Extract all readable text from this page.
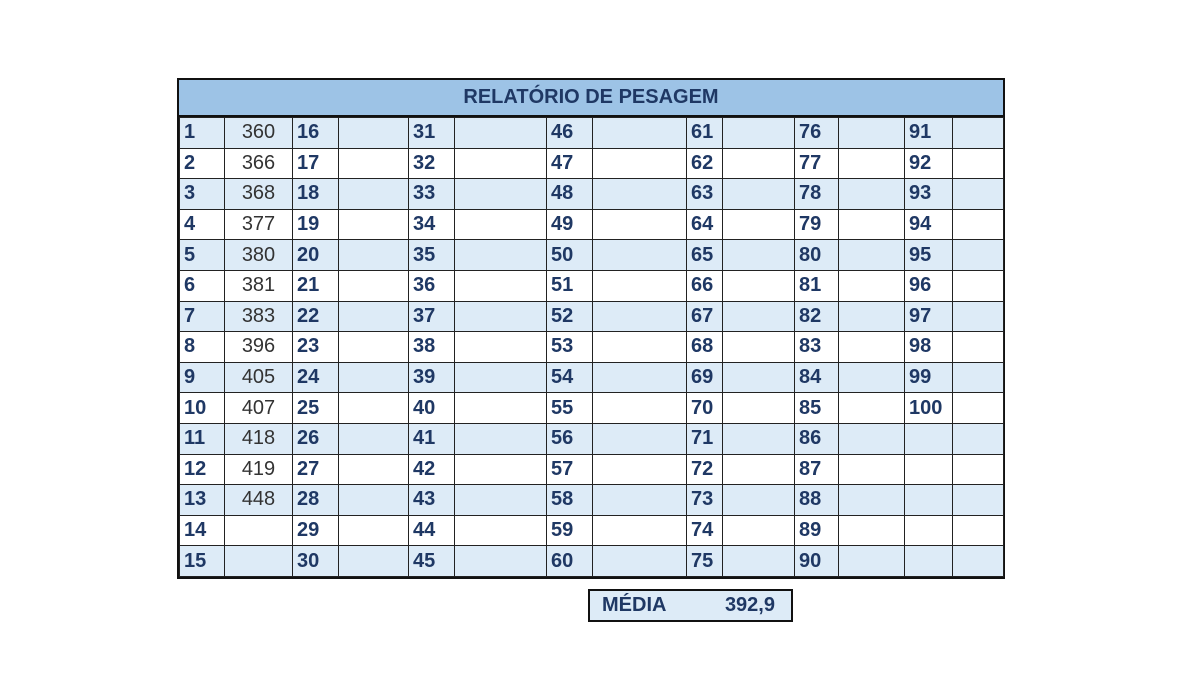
RELATÓRIO DE PESAGEM
1	360	16		31		46		61		76		91	
2	366	17		32		47		62		77		92	
3	368	18		33		48		63		78		93	
4	377	19		34		49		64		79		94	
5	380	20		35		50		65		80		95	
6	381	21		36		51		66		81		96	
7	383	22		37		52		67		82		97	
8	396	23		38		53		68		83		98	
9	405	24		39		54		69		84		99	
10	407	25		40		55		70		85		100	
11	418	26		41		56		71		86			
12	419	27		42		57		72		87			
13	448	28		43		58		73		88			
14		29		44		59		74		89			
15		30		45		60		75		90			
MÉDIA	392,9
